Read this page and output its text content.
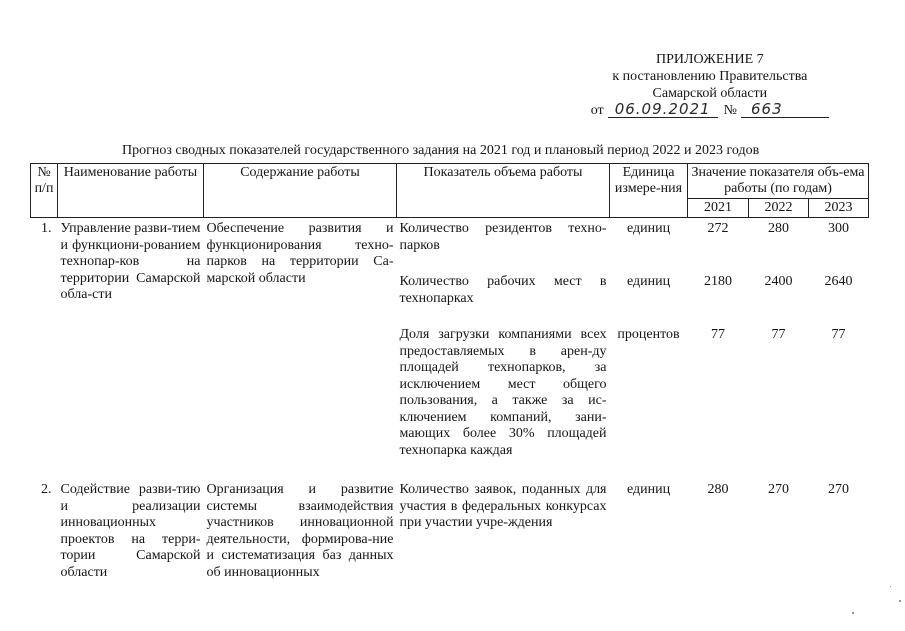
ПРИЛОЖЕНИЕ 7
к постановлению Правительства
Самарской области
от 06.09.2021 № 663
Прогноз сводных показателей государственного задания на 2021 год и плановый период 2022 и 2023 годов
№ п/п	Наименование работы	Содержание работы	Показатель объема работы	Единица измере-ния	Значение показателя объ-ема работы (по годам)		
					2021	2022	2023
1.	Управление разви-тием и функциони-рованием технопар-ков на территории Самарской обла-сти	Обеспечение развития и функционирования техно-парков на территории Са-марской области	Количество резидентов техно-парков	единиц	272	280	300
			Количество рабочих мест в технопарках	единиц	2180	2400	2640
			Доля загрузки компаниями всех предоставляемых в арен-ду площадей технопарков, за исключением мест общего пользования, а также за ис-ключением компаний, зани-мающих более 30% площадей технопарка каждая	процентов	77	77	77
2.	Содействие разви-тию и реализации инновационных проектов на терри-тории Самарской области	Организация и развитие системы взаимодействия участников инновационной деятельности, формирова-ние и систематизация баз данных об инновационных	Количество заявок, поданных для участия в федеральных конкурсах при участии учре-ждения	единиц	280	270	270
